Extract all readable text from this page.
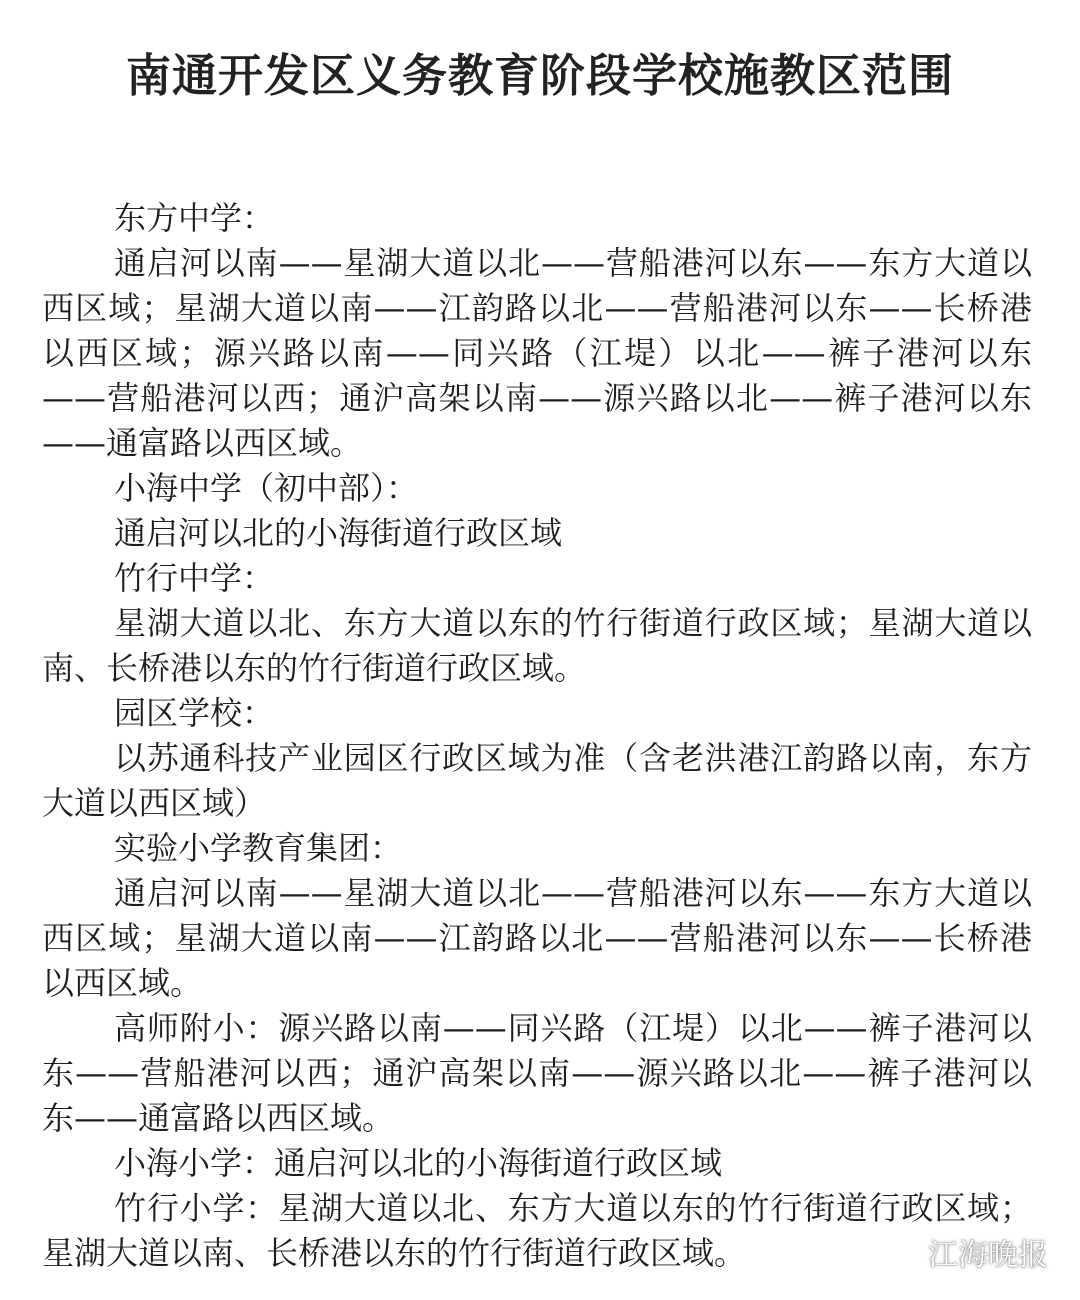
南通开发区义务教育阶段学校施教区范围

东方中学：

通启河以南——星湖大道以北——营船港河以东——东方大道以西区域；星湖大道以南——江韵路以北——营船港河以东——长桥港以西区域；源兴路以南——同兴路（江堤）以北——裤子港河以东——营船港河以西；通沪高架以南——源兴路以北——裤子港河以东——通富路以西区域。

小海中学（初中部）：

通启河以北的小海街道行政区域

竹行中学：

星湖大道以北、东方大道以东的竹行街道行政区域；星湖大道以南、长桥港以东的竹行街道行政区域。

园区学校：

以苏通科技产业园区行政区域为准（含老洪港江韵路以南，东方大道以西区域）

实验小学教育集团：

通启河以南——星湖大道以北——营船港河以东——东方大道以西区域；星湖大道以南——江韵路以北——营船港河以东——长桥港以西区域。

高师附小：源兴路以南——同兴路（江堤）以北——裤子港河以东——营船港河以西；通沪高架以南——源兴路以北——裤子港河以东——通富路以西区域。

小海小学：通启河以北的小海街道行政区域

竹行小学：星湖大道以北、东方大道以东的竹行街道行政区域；星湖大道以南、长桥港以东的竹行街道行政区域。	江海晚报
